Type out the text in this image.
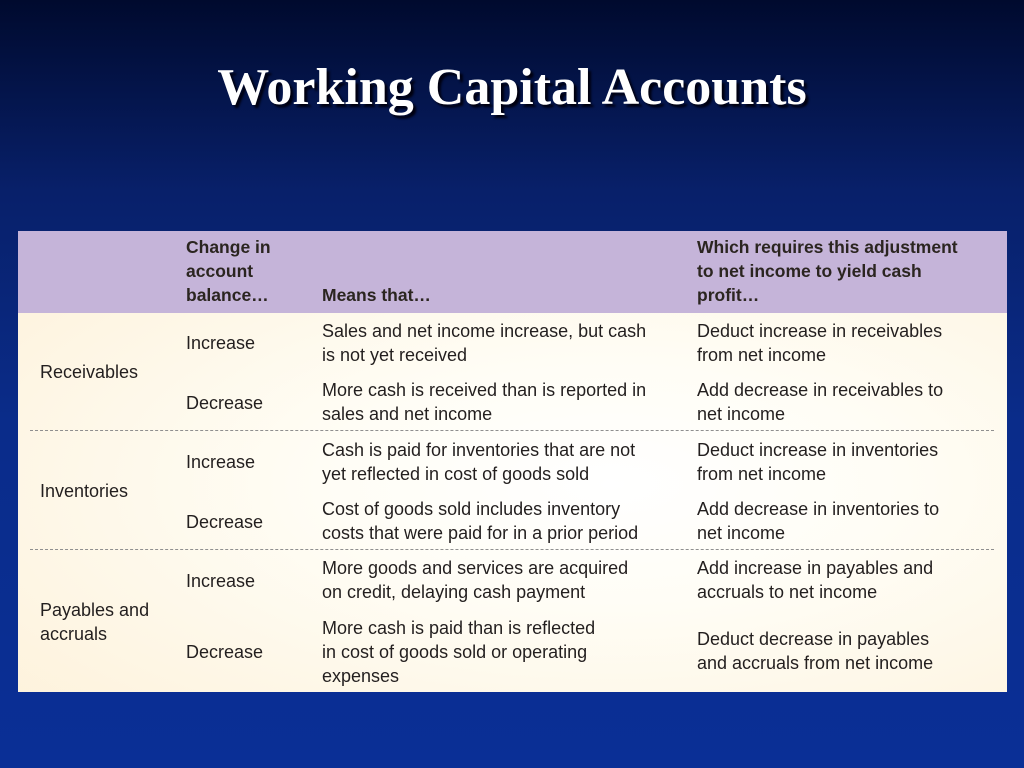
Working Capital Accounts
Change in
account
balance…	Means that…
Which requires this adjustment
to net income to yield cash
profit…
Receivables
Increase
Sales and net income increase, but cash
is not yet received
Deduct increase in receivables
from net income
Decrease
More cash is received than is reported in
sales and net income
Add decrease in receivables to
net income
Inventories
Increase
Cash is paid for inventories that are not
yet reflected in cost of goods sold
Deduct increase in inventories
from net income
Decrease
Cost of goods sold includes inventory
costs that were paid for in a prior period
Add decrease in inventories to
net income
Payables and
accruals
Increase
More goods and services are acquired
on credit, delaying cash payment
Add increase in payables and
accruals to net income
Decrease
More cash is paid than is reflected
in cost of goods sold or operating
expenses
Deduct decrease in payables
and accruals from net income
